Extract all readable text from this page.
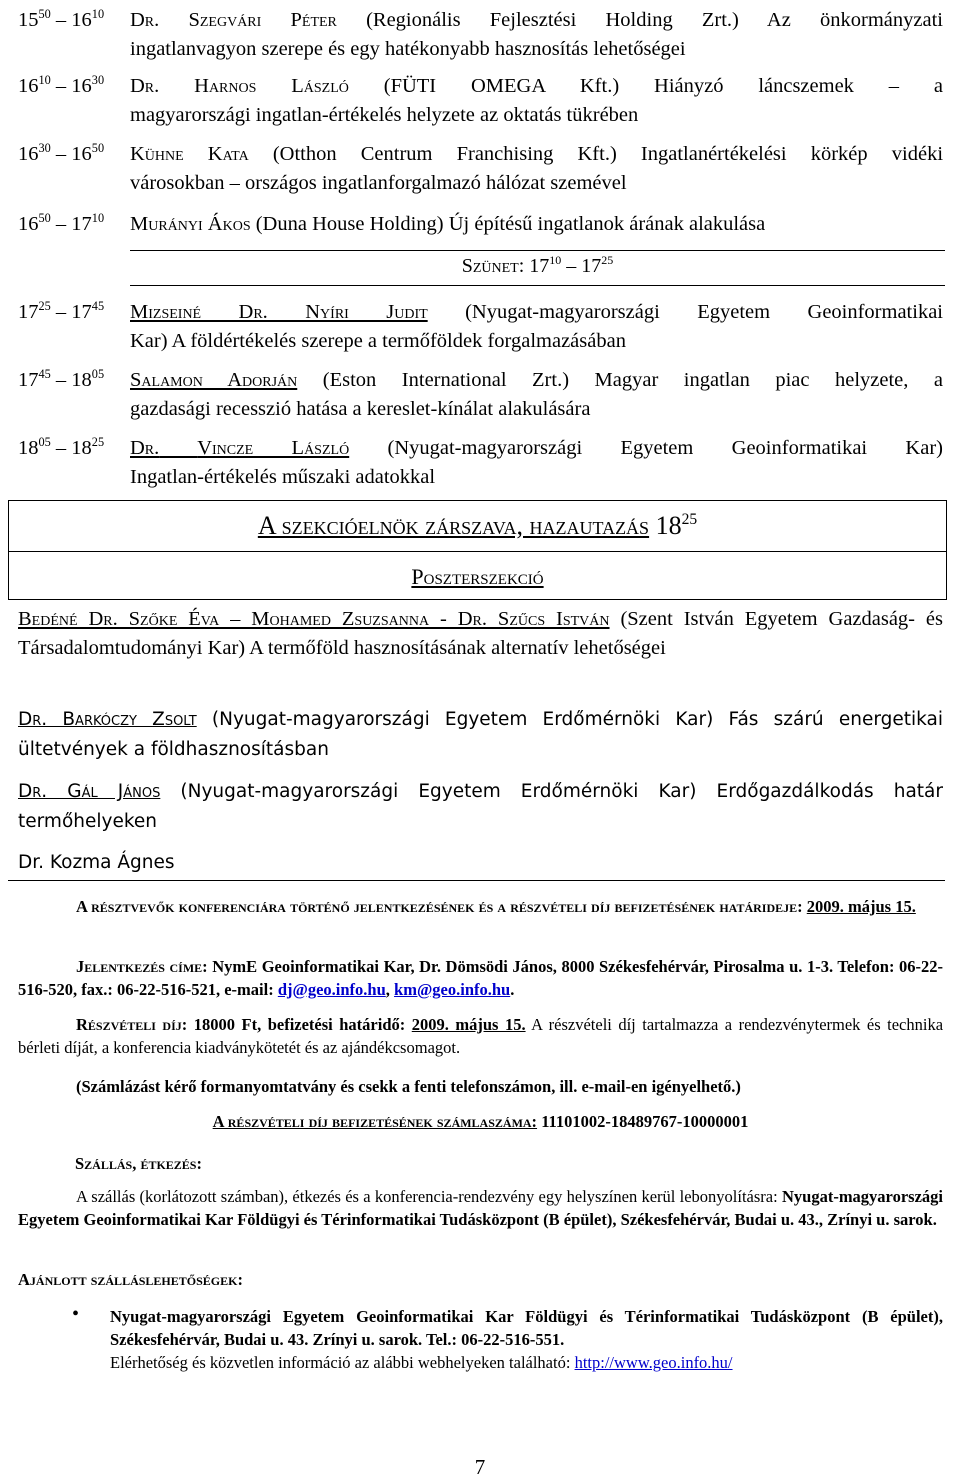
$15^{50} - 16^{10}$ Dr. Szegvári Péter (Regionális Fejlesztési Holding Zrt.) Az önkormányzati
ingatlanvagyon szerepe és egy hatékonyabb hasznosítás lehetőségei
$16^{10} - 16^{30}$ Dr. Harnos László (FÜTI OMEGA Kft.) Hiányzó láncszemek – a
magyarországi ingatlan-értékelés helyzete az oktatás tükrében
$16^{30} - 16^{50}$ Kühne Kata (Otthon Centrum Franchising Kft.) Ingatlanértékelési körkép vidéki
városokban – országos ingatlanforgalmazó hálózat szemével
$16^{50} - 17^{10}$ Murányi Ákos (Duna House Holding) Új építésű ingatlanok árának alakulása
Szünet: $17^{10} - 17^{25}$
$17^{25} - 17^{45}$ Mizseiné Dr. Nyíri Judit (Nyugat-magyarországi Egyetem Geoinformatikai
Kar) A földértékelés szerepe a termőföldek forgalmazásában
$17^{45} - 18^{05}$ Salamon Adorján (Eston International Zrt.) Magyar ingatlan piac helyzete, a
gazdasági recesszió hatása a kereslet-kínálat alakulására
$18^{05} - 18^{25}$ Dr. Vincze László (Nyugat-magyarországi Egyetem Geoinformatikai Kar)
Ingatlan-értékelés műszaki adatokkal
A szekcióelnök zárszava, hazautazás $18^{25}$
Poszterszekció
Bedéné Dr. Szőke Éva – Mohamed Zsuzsanna - Dr. Szűcs István (Szent István Egyetem Gazdaság- és Társadalomtudományi Kar) A termőföld hasznosításának alternatív lehetőségei
Dr. Barkóczy Zsolt (Nyugat-magyarországi Egyetem Erdőmérnöki Kar) Fás szárú energetikai ültetvények a földhasznosításban
Dr. Gál János (Nyugat-magyarországi Egyetem Erdőmérnöki Kar) Erdőgazdálkodás határ termőhelyeken
Dr. Kozma Ágnes
A résztvevők konferenciára történő jelentkezésének és a részvételi díj befizetésének határideje: 2009. május 15.
Jelentkezés címe: NymE Geoinformatikai Kar, Dr. Dömsödi János, 8000 Székesfehérvár, Pirosalma u. 1-3. Telefon: 06-22-516-520, fax.: 06-22-516-521, e-mail: dj@geo.info.hu, km@geo.info.hu.
Részvételi díj: 18000 Ft, befizetési határidő: 2009. május 15. A részvételi díj tartalmazza a rendezvénytermek és technika bérleti díját, a konferencia kiadványkötetét és az ajándékcsomagot.
(Számlázást kérő formanyomtatvány és csekk a fenti telefonszámon, ill. e-mail-en igényelhető.)
A részvételi díj befizetésének számlaszáma: 11101002-18489767-10000001
Szállás, étkezés:
A szállás (korlátozott számban), étkezés és a konferencia-rendezvény egy helyszínen kerül lebonyolításra: Nyugat-magyarországi Egyetem Geoinformatikai Kar Földügyi és Térinformatikai Tudásközpont (B épület), Székesfehérvár, Budai u. 43., Zrínyi u. sarok.
Ajánlott szálláslehetőségek:
• Nyugat-magyarországi Egyetem Geoinformatikai Kar Földügyi és Térinformatikai Tudásközpont (B épület), Székesfehérvár, Budai u. 43. Zrínyi u. sarok. Tel.: 06-22-516-551.
Elérhetőség és közvetlen információ az alábbi webhelyeken található: http://www.geo.info.hu/
7
